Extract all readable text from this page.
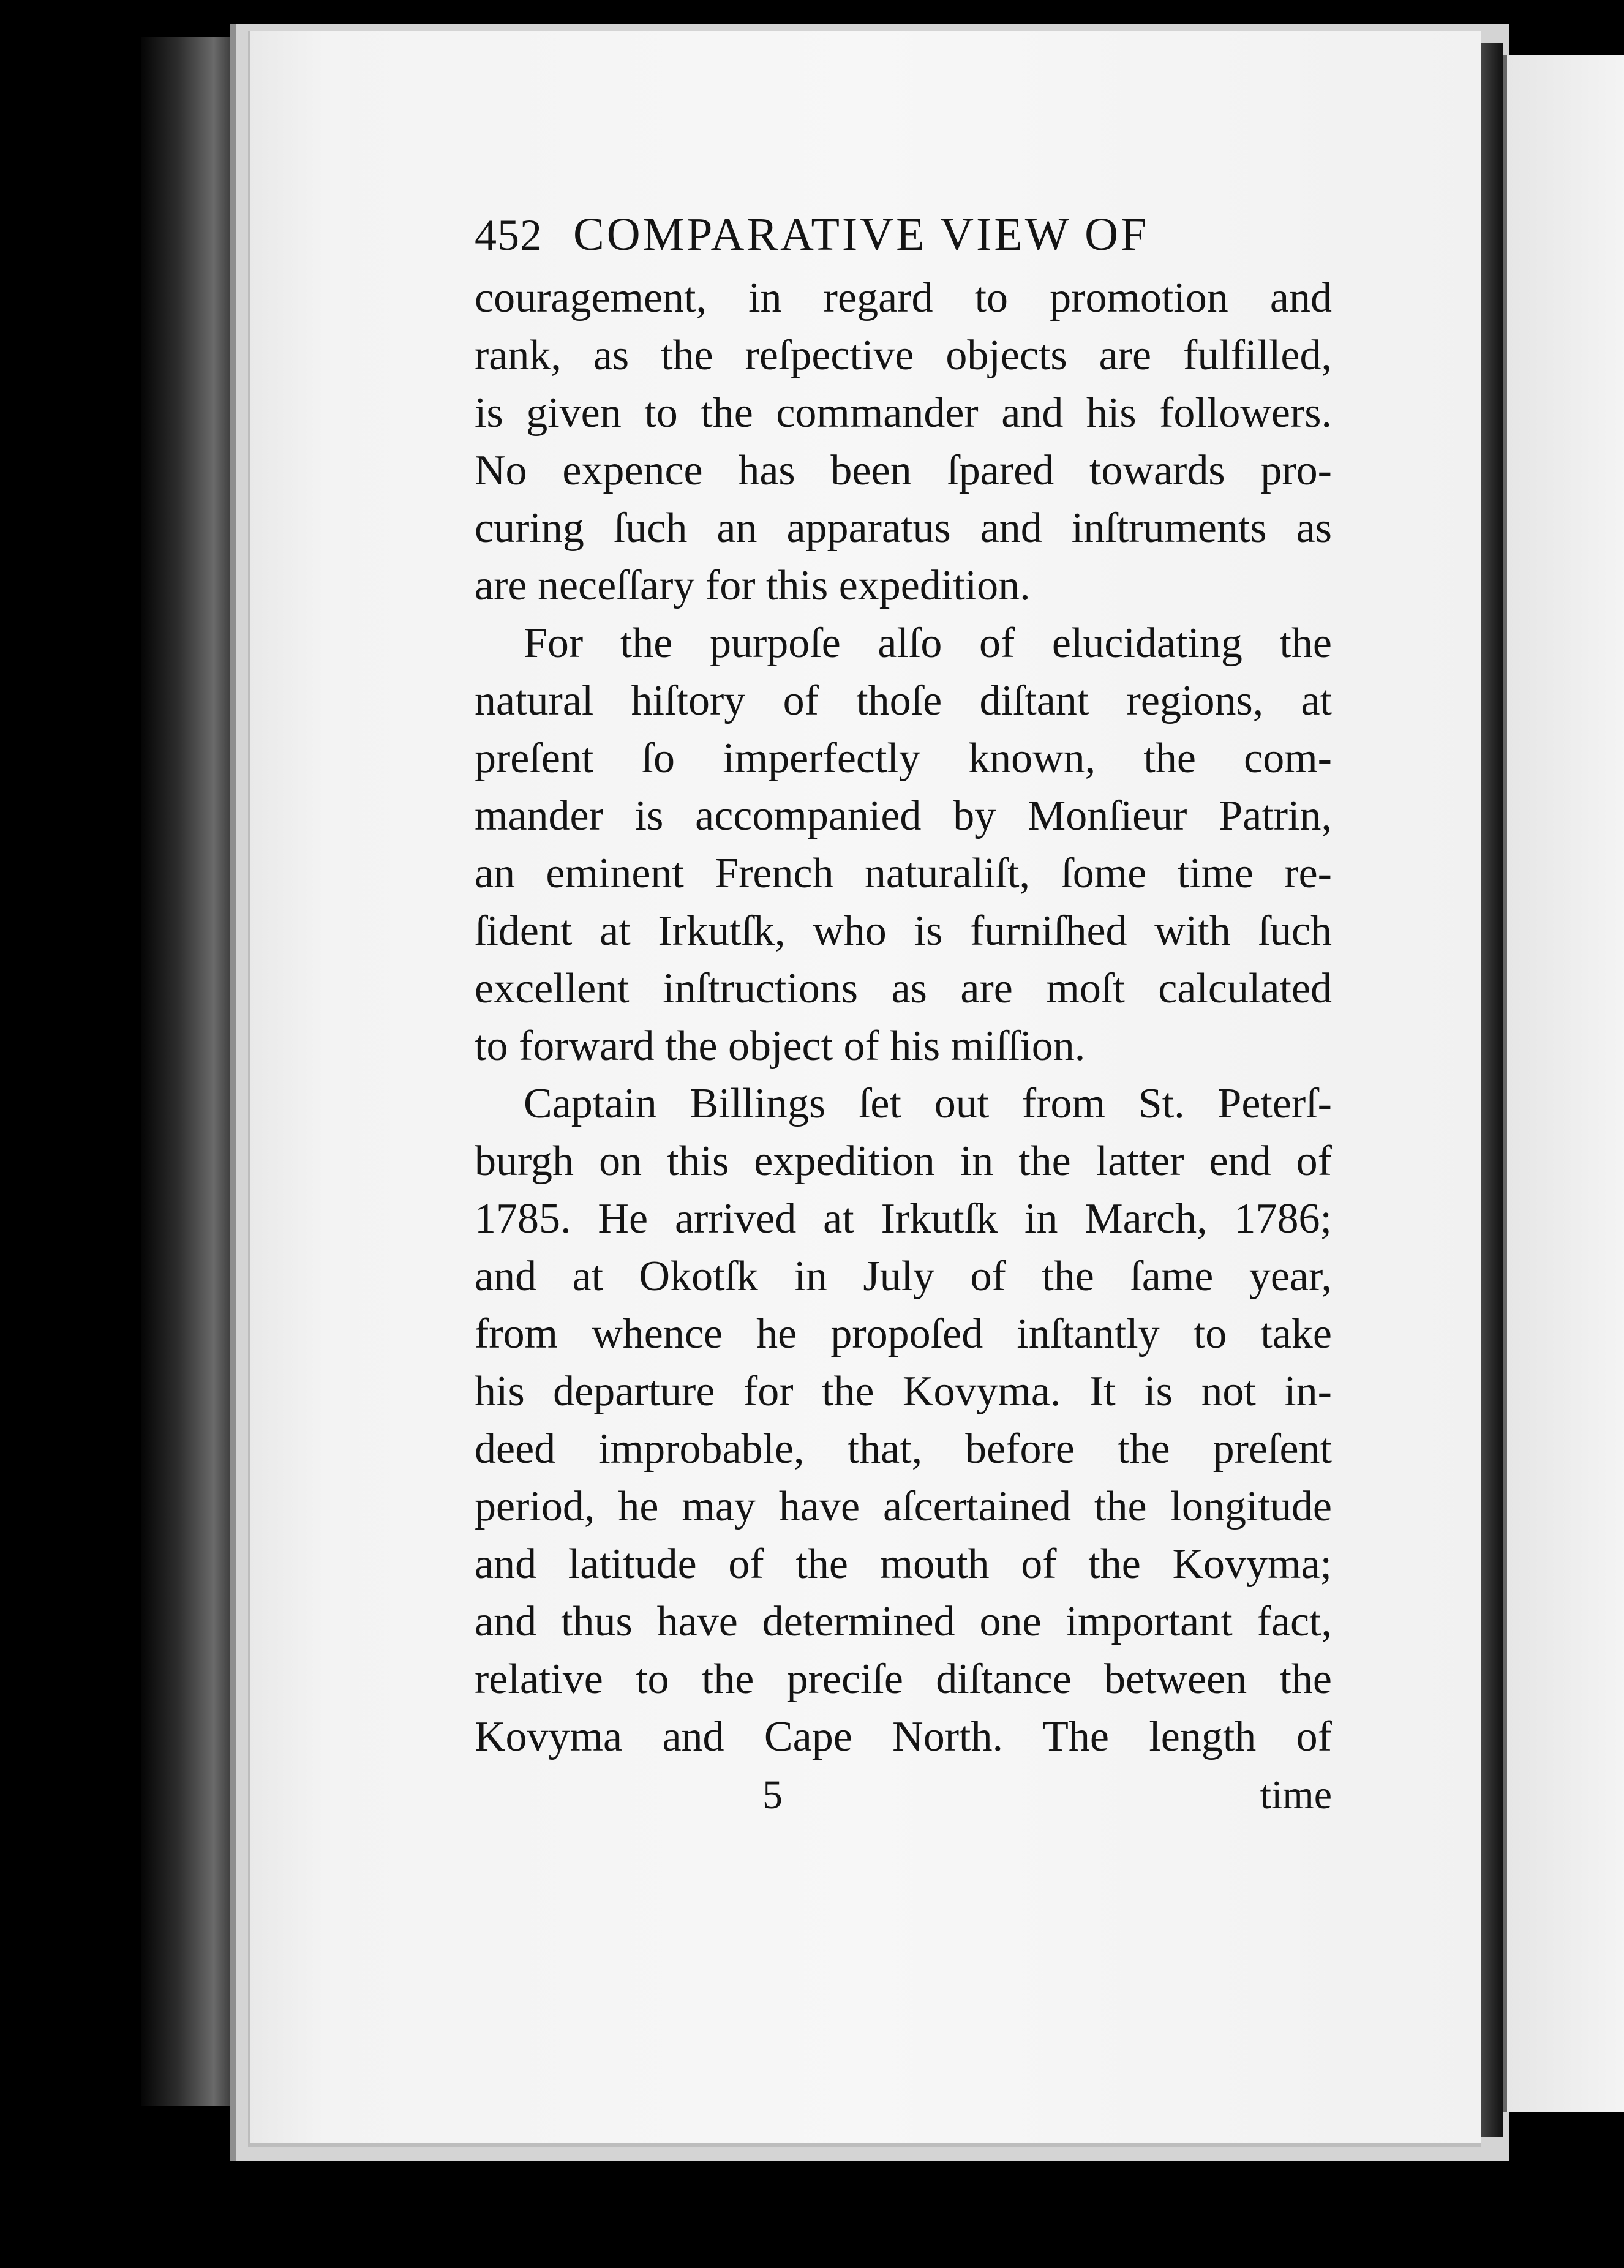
452 COMPARATIVE VIEW OF
couragement, in regard to promotion and
rank, as the reſpective objects are fulfilled,
is given to the commander and his followers.
No expence has been ſpared towards pro-
curing ſuch an apparatus and inſtruments as
are neceſſary for this expedition.
For the purpoſe alſo of elucidating the
natural hiſtory of thoſe diſtant regions, at
preſent ſo imperfectly known, the com-
mander is accompanied by Monſieur Patrin,
an eminent French naturaliſt, ſome time re-
ſident at Irkutſk, who is furniſhed with ſuch
excellent inſtructions as are moſt calculated
to forward the object of his miſſion.
Captain Billings ſet out from St. Peterſ-
burgh on this expedition in the latter end of
1785. He arrived at Irkutſk in March, 1786;
and at Okotſk in July of the ſame year,
from whence he propoſed inſtantly to take
his departure for the Kovyma. It is not in-
deed improbable, that, before the preſent
period, he may have aſcertained the longitude
and latitude of the mouth of the Kovyma;
and thus have determined one important fact,
relative to the preciſe diſtance between the
Kovyma and Cape North. The length of
5	time
